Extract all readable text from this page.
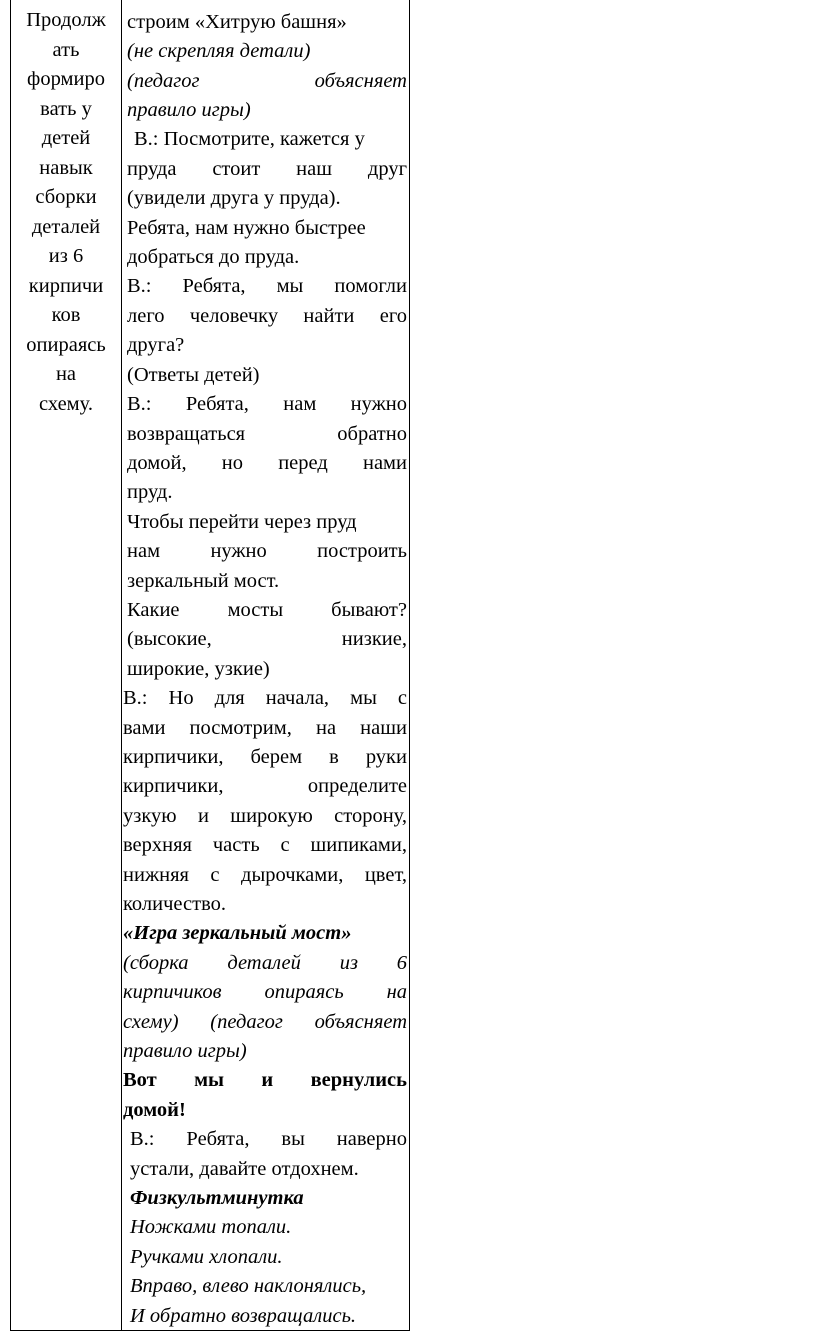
Продолж
ать
формиро
вать у
детей
навык
сборки
деталей
из 6
кирпичи
ков
опираясь
на
схему.
строим «Хитрую башня»
(не скрепляя детали)
(педагог объясняет
правило игры)
В.: Посмотрите, кажется у
пруда стоит наш друг
(увидели друга у пруда).
Ребята, нам нужно быстрее
добраться до пруда.
В.: Ребята, мы помогли
лего человечку найти его
друга?
(Ответы детей)
В.: Ребята, нам нужно
возвращаться обратно
домой, но перед нами
пруд.
Чтобы перейти через пруд
нам нужно построить
зеркальный мост.
Какие мосты бывают?
(высокие, низкие,
широкие, узкие)
В.: Но для начала, мы с
вами посмотрим, на наши
кирпичики, берем в руки
кирпичики, определите
узкую и широкую сторону,
верхняя часть с шипиками,
нижняя с дырочками, цвет,
количество.
«Игра зеркальный мост»
(сборка деталей из 6
кирпичиков опираясь на
схему) (педагог объясняет
правило игры)
Вот мы и вернулись
домой!
В.: Ребята, вы наверно
устали, давайте отдохнем.
Физкультминутка
Ножками топали.
Ручками хлопали.
Вправо, влево наклонялись,
И обратно возвращались.
